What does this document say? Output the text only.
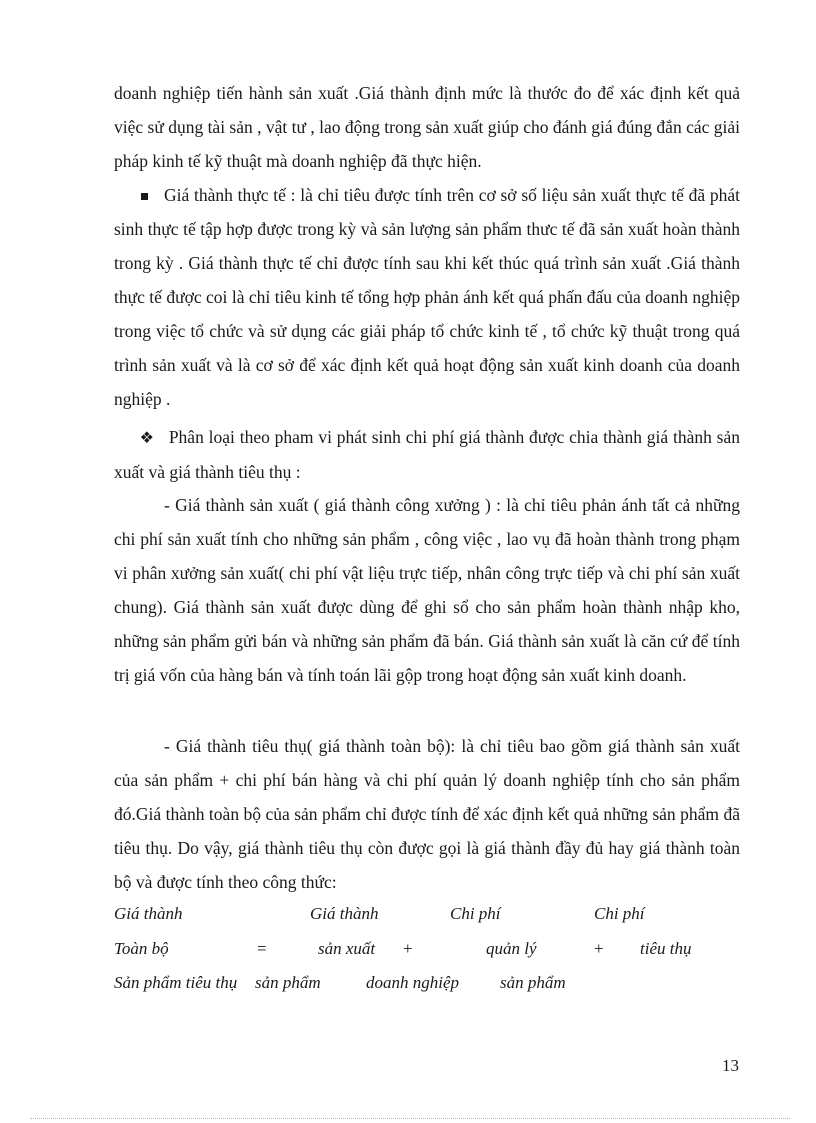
doanh nghiệp tiến hành sản xuất .Giá thành định mức là thước đo để xác định kết quả việc sử dụng tài sản , vật tư , lao động trong sản xuất giúp cho đánh giá đúng đắn các giải pháp kinh tế kỹ thuật mà doanh nghiệp đã thực hiện.

Giá thành thực tế : là chỉ tiêu được tính trên cơ sở số liệu sản xuất thực tế đã phát sinh thực tế tập hợp được trong kỳ và sản lượng sản phẩm thưc tế đã sản xuất hoàn thành trong kỳ . Giá thành thực tế chỉ được tính sau khi kết thúc quá trình sản xuất .Giá thành thực tế được coi là chỉ tiêu kinh tế tổng hợp phản ánh kết quá phấn đấu của doanh nghiệp trong việc tổ chức và sử dụng các giải pháp tổ chức kinh tế , tổ chức kỹ thuật trong quá trình sản xuất và là cơ sở để xác định kết quả hoạt động sản xuất kinh doanh của doanh nghiệp .

❖ Phân loại theo pham vi phát sinh chi phí giá thành được chia thành giá thành sản xuất và giá thành tiêu thụ :

- Giá thành sản xuất ( giá thành công xưởng ) : là chỉ tiêu phản ánh tất cả những chi phí sản xuất tính cho những sản phẩm , công việc , lao vụ đã hoàn thành trong phạm vi phân xưởng sản xuất( chi phí vật liệu trực tiếp, nhân công trực tiếp và chi phí sản xuất chung). Giá thành sản xuất được dùng để ghi sổ cho sản phẩm hoàn thành nhập kho, những sản phẩm gửi bán và những sản phẩm đã bán. Giá thành sản xuất là căn cứ để tính trị giá vốn của hàng bán và tính toán lãi gộp trong hoạt động sản xuất kinh doanh.

- Giá thành tiêu thụ( giá thành toàn bộ): là chỉ tiêu bao gồm giá thành sản xuất của sản phẩm + chi phí bán hàng và chi phí quản lý doanh nghiệp tính cho sản phẩm đó.Giá thành toàn bộ của sản phẩm chỉ được tính để xác định kết quả những sản phẩm đã tiêu thụ. Do vậy, giá thành tiêu thụ còn được gọi là giá thành đầy đủ hay giá thành toàn bộ và được tính theo công thức:

Giá thành	Giá thành	Chi phí	Chi phí
Toàn bộ	=	sản xuất +	quản lý	+ tiêu thụ
Sản phẩm tiêu thụ sản phẩm	doanh nghiệp sản phẩm
13
